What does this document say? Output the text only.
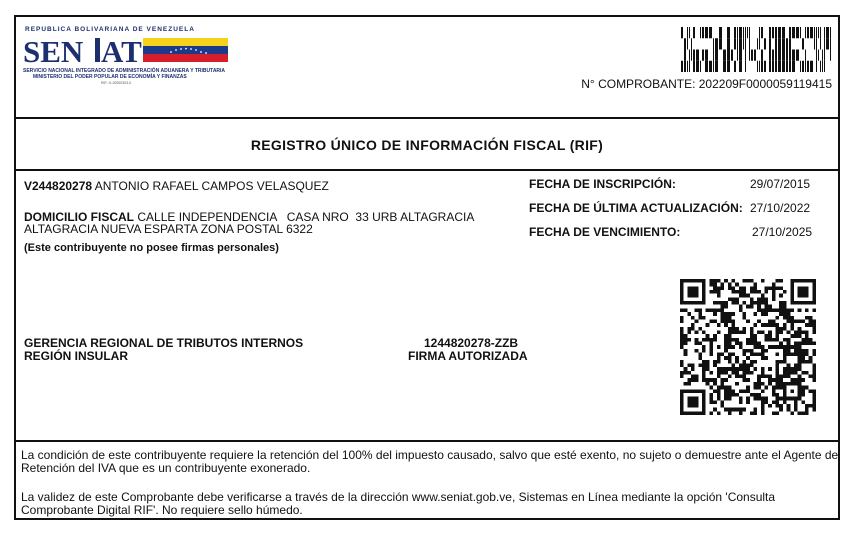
REPUBLICA BOLIVARIANA DE VENEZUELA
SEN AT
SERVICIO NACIONAL INTEGRADO DE ADMINISTRACIÓN ADUANERA Y TRIBUTARIA
MINISTERIO DEL PODER POPULAR DE ECONOMÍA Y FINANZAS
RIF: G-20000303-0	N° COMPROBANTE: 202209F0000059119415
REGISTRO ÚNICO DE INFORMACIÓN FISCAL (RIF)
V244820278 ANTONIO RAFAEL CAMPOS VELASQUEZ
DOMICILIO FISCAL CALLE INDEPENDENCIA   CASA NRO  33 URB ALTAGRACIA
ALTAGRACIA NUEVA ESPARTA ZONA POSTAL 6322
(Este contribuyente no posee firmas personales)
FECHA DE INSCRIPCIÓN:	29/07/2015
FECHA DE ÚLTIMA ACTUALIZACIÓN: 27/10/2022
FECHA DE VENCIMIENTO:	27/10/2025
GERENCIA REGIONAL DE TRIBUTOS INTERNOS
REGIÓN INSULAR
1244820278-ZZB
FIRMA AUTORIZADA
La condición de este contribuyente requiere la retención del 100% del impuesto causado, salvo que esté exento, no sujeto o demuestre ante el Agente de Retención del IVA que es un contribuyente exonerado.
La validez de este Comprobante debe verificarse a través de la dirección www.seniat.gob.ve, Sistemas en Línea mediante la opción 'Consulta Comprobante Digital RIF'. No requiere sello húmedo.
